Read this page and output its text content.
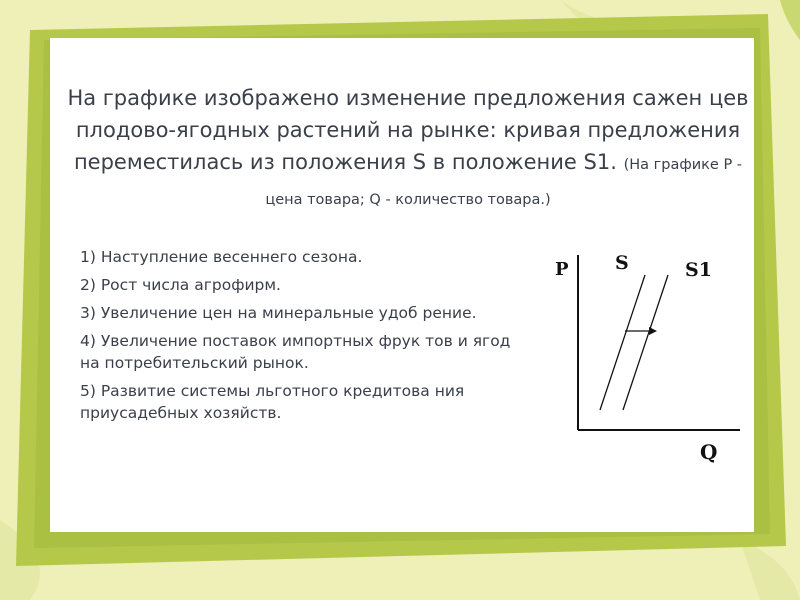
На графике изображено изменение предложения сажен цев плодово-ягодных растений на рынке: кривая предложения переместилась из положения S в положение S1. (На графике P - цена товара; Q - количество товара.)
1) Наступление весеннего сезона.
2) Рост числа агрофирм.
3) Увеличение цен на минеральные удоб рение.
4) Увеличение поставок импортных фрук тов и ягод на потребительский рынок.
5) Развитие системы льготного кредитова ния приусадебных хозяйств.
P
Q
S	S1
